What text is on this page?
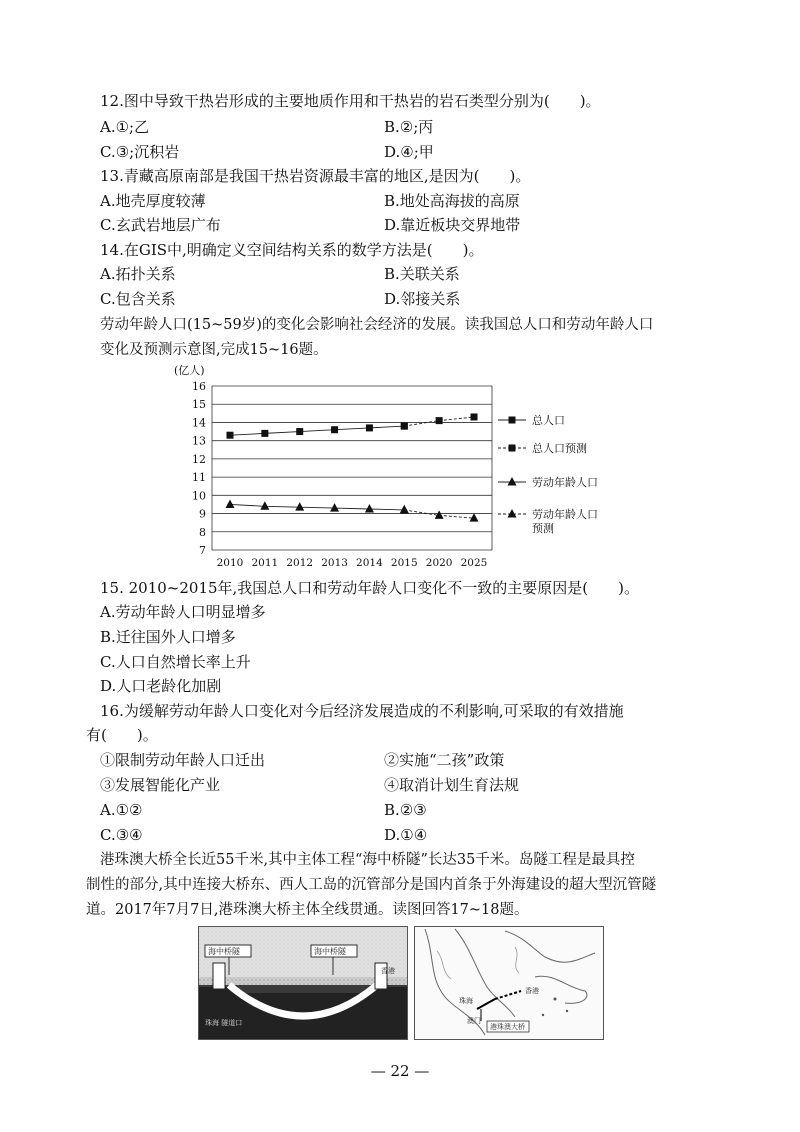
12.图中导致干热岩形成的主要地质作用和干热岩的岩石类型分别为(　　)。
A.①;乙	B.②;丙
C.③;沉积岩	D.④;甲
13.青藏高原南部是我国干热岩资源最丰富的地区,是因为(　　)。
A.地壳厚度较薄	B.地处高海拔的高原
C.玄武岩地层广布	D.靠近板块交界地带
14.在GIS中,明确定义空间结构关系的数学方法是(　　)。
A.拓扑关系	B.关联关系
C.包含关系	D.邻接关系
劳动年龄人口(15~59岁)的变化会影响社会经济的发展。读我国总人口和劳动年龄人口
变化及预测示意图,完成15~16题。
(亿人)
7
8
9
10
11
12
13
14
15
16
2010 2011 2012 2013 2014 2015 2020 2025
总人口
总人口预测
劳动年龄人口
劳动年龄人口
预测
15. 2010~2015年,我国总人口和劳动年龄人口变化不一致的主要原因是(　　)。
A.劳动年龄人口明显增多
B.迁往国外人口增多
C.人口自然增长率上升
D.人口老龄化加剧
16.为缓解劳动年龄人口变化对今后经济发展造成的不利影响,可采取的有效措施
有(　　)。
①限制劳动年龄人口迁出	②实施“二孩”政策
③发展智能化产业	④取消计划生育法规
A.①②	B.②③
C.③④	D.①④
港珠澳大桥全长近55千米,其中主体工程“海中桥隧”长达35千米。岛隧工程是最具控
制性的部分,其中连接大桥东、西人工岛的沉管部分是国内首条于外海建设的超大型沉管隧
道。2017年7月7日,港珠澳大桥主体全线贯通。读图回答17~18题。
海中桥隧	海中桥隧
香港
珠海 隧道口
珠海
澳门
香港
港珠澳大桥
— 22 —
